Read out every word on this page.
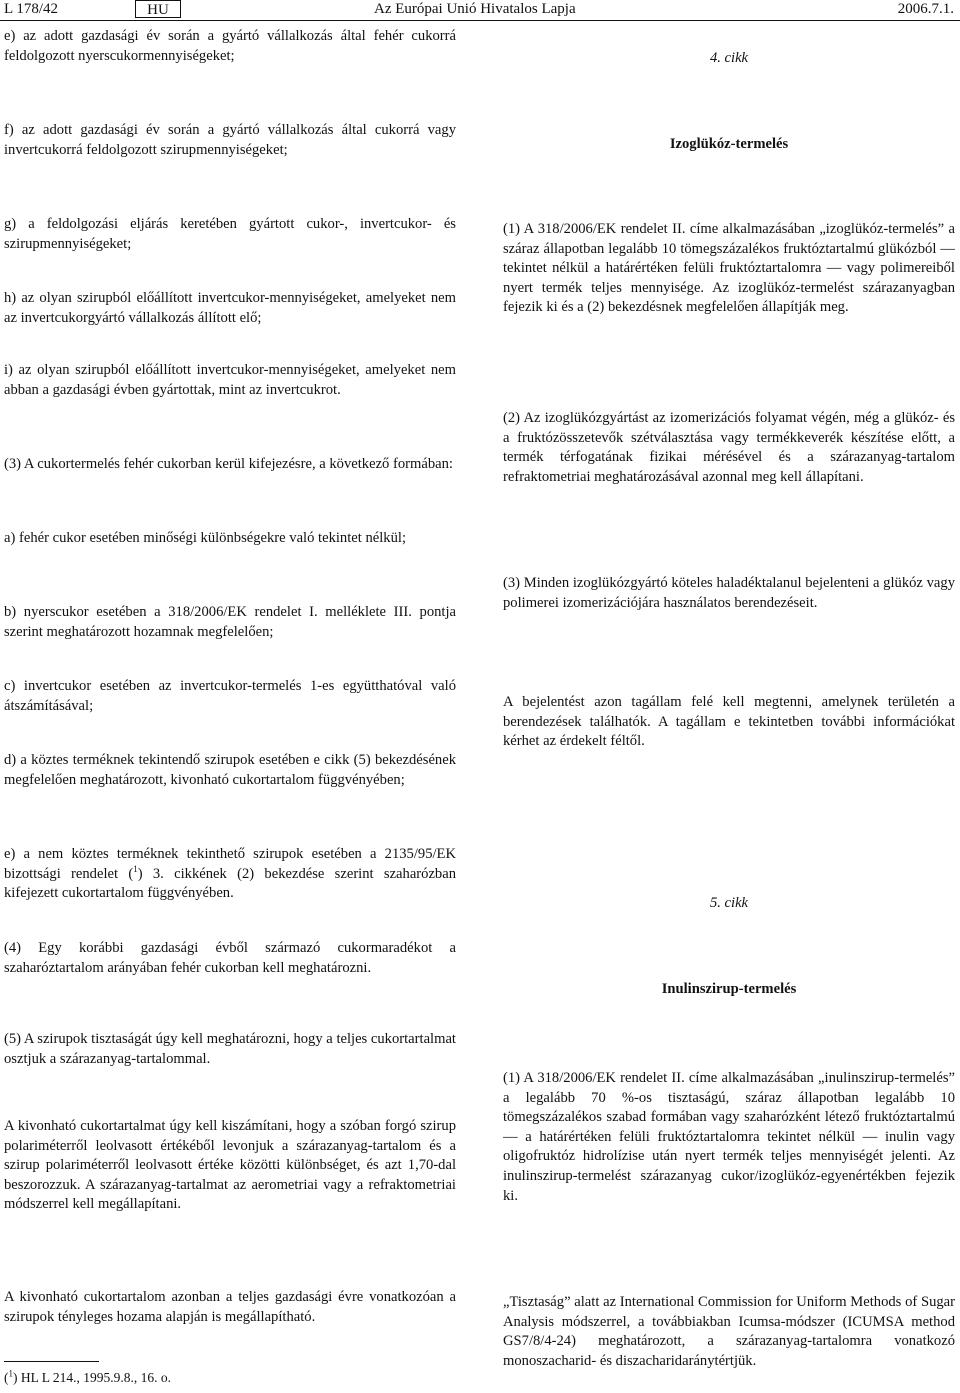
L 178/42	HU	Az Európai Unió Hivatalos Lapja	2006.7.1.

e) az adott gazdasági év során a gyártó vállalkozás által fehér cukorrá feldolgozott nyerscukormennyiségeket;

f) az adott gazdasági év során a gyártó vállalkozás által cukorrá vagy invertcukorrá feldolgozott szirupmennyiségeket;

g) a feldolgozási eljárás keretében gyártott cukor-, invertcukor- és szirupmennyiségeket;

h) az olyan szirupból előállított invertcukor-mennyiségeket, amelyeket nem az invertcukorgyártó vállalkozás állított elő;

i) az olyan szirupból előállított invertcukor-mennyiségeket, amelyeket nem abban a gazdasági évben gyártottak, mint az invertcukrot.

(3) A cukortermelés fehér cukorban kerül kifejezésre, a következő formában:

a) fehér cukor esetében minőségi különbségekre való tekintet nélkül;

b) nyerscukor esetében a 318/2006/EK rendelet I. melléklete III. pontja szerint meghatározott hozamnak megfelelően;

c) invertcukor esetében az invertcukor-termelés 1-es együtthatóval való átszámításával;

d) a köztes terméknek tekintendő szirupok esetében e cikk (5) bekezdésének megfelelően meghatározott, kivonható cukortartalom függvényében;

e) a nem köztes terméknek tekinthető szirupok esetében a 2135/95/EK bizottsági rendelet ($^1$) 3. cikkének (2) bekezdése szerint szaharózban kifejezett cukortartalom függvényében.

(4) Egy korábbi gazdasági évből származó cukormaradékot a szaharóztartalom arányában fehér cukorban kell meghatározni.

(5) A szirupok tisztaságát úgy kell meghatározni, hogy a teljes cukortartalmat osztjuk a szárazanyag-tartalommal.

A kivonható cukortartalmat úgy kell kiszámítani, hogy a szóban forgó szirup polariméterről leolvasott értékéből levonjuk a szárazanyag-tartalom és a szirup polariméterről leolvasott értéke közötti különbséget, és azt 1,70-dal beszorozzuk. A szárazanyag-tartalmat az aerometriai vagy a refraktometriai módszerrel kell megállapítani.

A kivonható cukortartalom azonban a teljes gazdasági évre vonatkozóan a szirupok tényleges hozama alapján is megállapítható.

($^1$) HL L 214., 1995.9.8., 16. o.

4. cikk

Izoglükóz-termelés

(1) A 318/2006/EK rendelet II. címe alkalmazásában „izoglükóz-termelés” a száraz állapotban legalább 10 tömegszázalékos fruktóztartalmú glükózból — tekintet nélkül a határértéken felüli fruktóztartalomra — vagy polimereiből nyert termék teljes mennyisége. Az izoglükóz-termelést szárazanyagban fejezik ki és a (2) bekezdésnek megfelelően állapítják meg.

(2) Az izoglükózgyártást az izomerizációs folyamat végén, még a glükóz- és a fruktózösszetevők szétválasztása vagy termékkeverék készítése előtt, a termék térfogatának fizikai mérésével és a szárazanyag-tartalom refraktometriai meghatározásával azonnal meg kell állapítani.

(3) Minden izoglükózgyártó köteles haladéktalanul bejelenteni a glükóz vagy polimerei izomerizációjára használatos berendezéseit.

A bejelentést azon tagállam felé kell megtenni, amelynek területén a berendezések találhatók. A tagállam e tekintetben további információkat kérhet az érdekelt féltől.

5. cikk

Inulinszirup-termelés

(1) A 318/2006/EK rendelet II. címe alkalmazásában „inulinszirup-termelés” a legalább 70 %-os tisztaságú, száraz állapotban legalább 10 tömegszázalékos szabad formában vagy szaharózként létező fruktóztartalmú — a határértéken felüli fruktóztartalomra tekintet nélkül — inulin vagy oligofruktóz hidrolízise után nyert termék teljes mennyiségét jelenti. Az inulinszirup-termelést szárazanyag cukor/izoglükóz-egyenértékben fejezik ki.

„Tisztaság” alatt az International Commission for Uniform Methods of Sugar Analysis módszerrel, a továbbiakban Icumsa-módszer (ICUMSA method GS7/8/4-24) meghatározott, a szárazanyag-tartalomra vonatkozó monoszacharid- és diszacharidaránytértjük.
